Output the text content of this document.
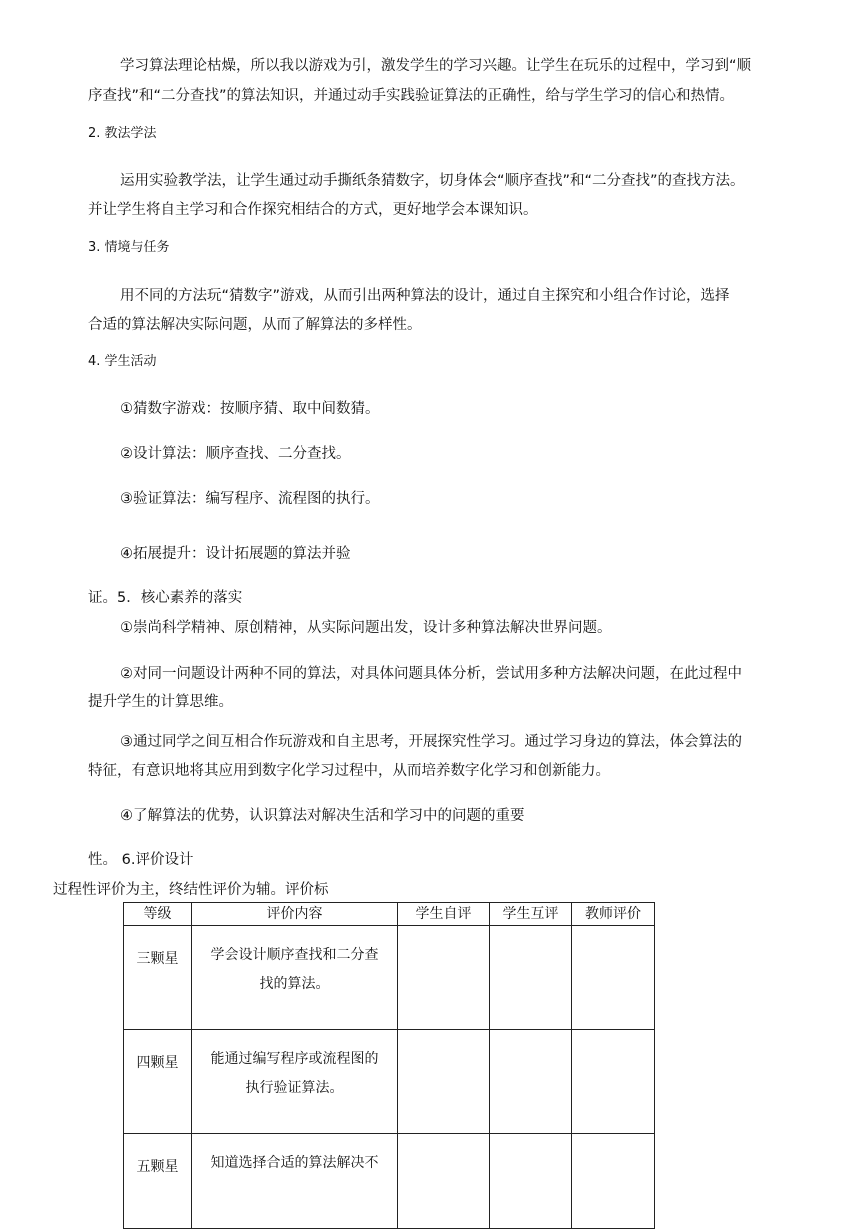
学习算法理论枯燥，所以我以游戏为引，激发学生的学习兴趣。让学生在玩乐的过程中，学习到“顺
序查找”和“二分查找”的算法知识，并通过动手实践验证算法的正确性，给与学生学习的信心和热情。
2. 教法学法
运用实验教学法，让学生通过动手撕纸条猜数字，切身体会“顺序查找”和“二分查找”的查找方法。
并让学生将自主学习和合作探究相结合的方式，更好地学会本课知识。
3. 情境与任务
用不同的方法玩“猜数字”游戏，从而引出两种算法的设计，通过自主探究和小组合作讨论，选择
合适的算法解决实际问题，从而了解算法的多样性。
4. 学生活动
①猜数字游戏：按顺序猜、取中间数猜。
②设计算法：顺序查找、二分查找。
③验证算法：编写程序、流程图的执行。
④拓展提升：设计拓展题的算法并验
证。5．核心素养的落实
①崇尚科学精神、原创精神，从实际问题出发，设计多种算法解决世界问题。
②对同一问题设计两种不同的算法，对具体问题具体分析，尝试用多种方法解决问题，在此过程中
提升学生的计算思维。
③通过同学之间互相合作玩游戏和自主思考，开展探究性学习。通过学习身边的算法，体会算法的
特征，有意识地将其应用到数字化学习过程中，从而培养数字化学习和创新能力。
④了解算法的优势，认识算法对解决生活和学习中的问题的重要
性。 6.评价设计
过程性评价为主，终结性评价为辅。评价标
等级	评价内容	学生自评	学生互评	教师评价
三颗星	学会设计顺序查找和二分查
找的算法。			

四颗星	能通过编写程序或流程图的
执行验证算法。			

五颗星	知道选择合适的算法解决不			
